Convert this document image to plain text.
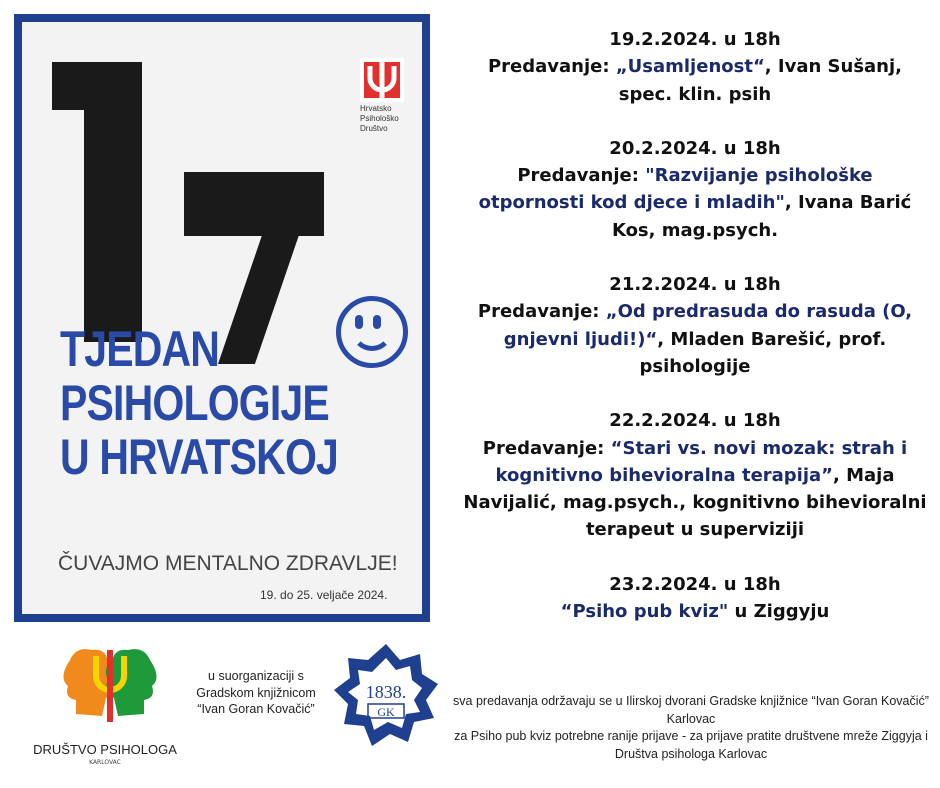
TJEDAN
PSIHOLOGIJE
U HRVATSKOJ
Hrvatsko
Psihološko
Društvo
ČUVAJMO MENTALNO ZDRAVLJE!
19. do 25. veljače 2024.
19.2.2024. u 18h
Predavanje: „Usamljenost“, Ivan Sušanj, spec. klin. psih
20.2.2024. u 18h
Predavanje: "Razvijanje psihološke otpornosti kod djece i mladih", Ivana Barić Kos, mag.psych.
21.2.2024. u 18h
Predavanje: „Od predrasuda do rasuda (O, gnjevni ljudi!)“, Mladen Barešić, prof. psihologije
22.2.2024. u 18h
Predavanje: “Stari vs. novi mozak: strah i kognitivno bihevioralna terapija”, Maja Navijalić, mag.psych., kognitivno bihevioralni terapeut u superviziji
23.2.2024. u 18h
“Psiho pub kviz" u Ziggyju
DRUŠTVO PSIHOLOGA
KARLOVAC
u suorganizaciji s
Gradskom knjižnicom
“Ivan Goran Kovačić”
1838.
GK
sva predavanja održavaju se u Ilirskoj dvorani Gradske knjižnice “Ivan Goran Kovačić” Karlovac
za Psiho pub kviz potrebne ranije prijave - za prijave pratite društvene mreže Ziggyja i Društva psihologa Karlovac
